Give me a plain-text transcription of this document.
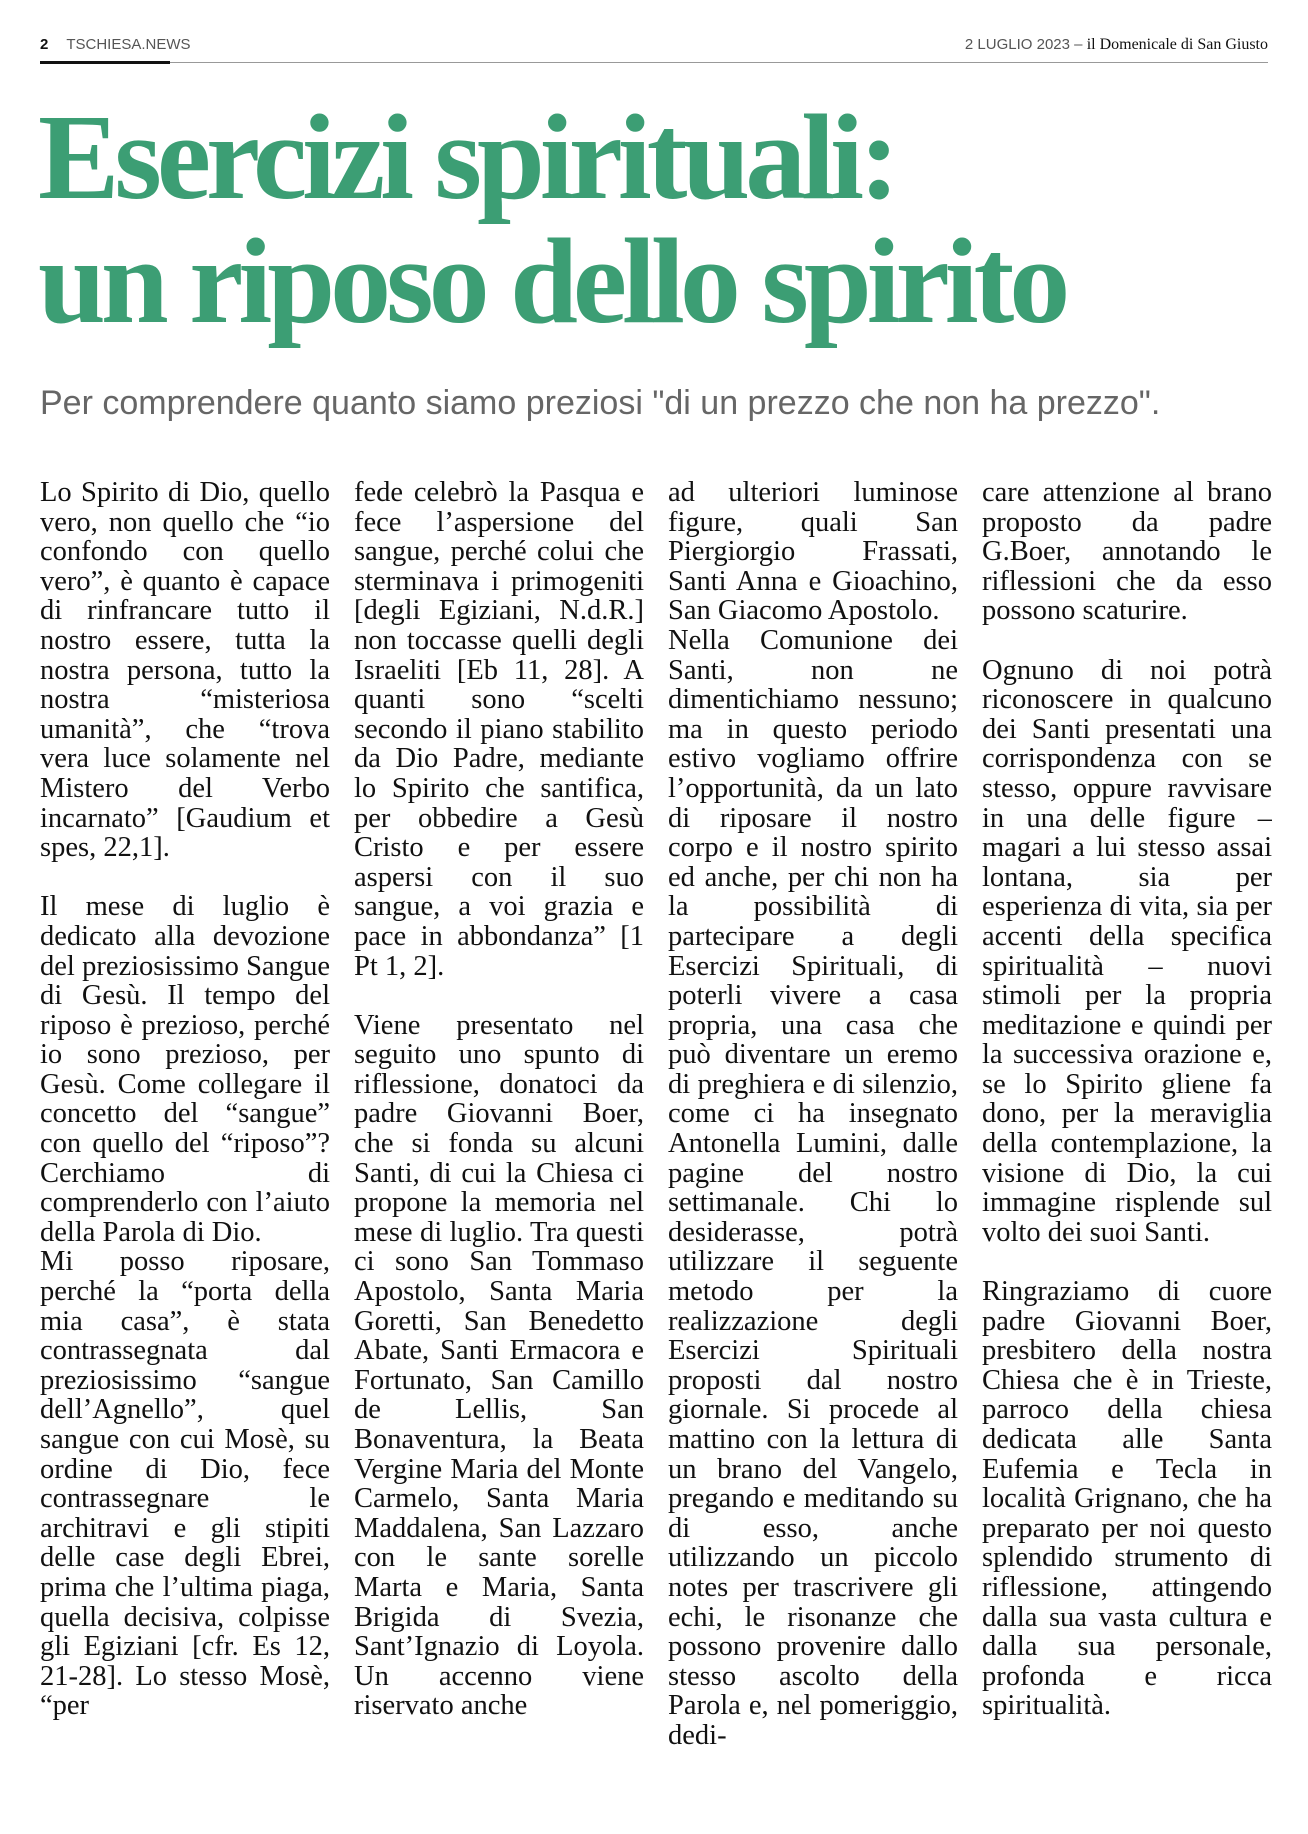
2 TSCHIESA.NEWS	2 LUGLIO 2023 – il Domenicale di San Giusto
Esercizi spirituali:
un riposo dello spirito

Per comprendere quanto siamo preziosi "di un prezzo che non ha prezzo".

Lo Spirito di Dio, quello vero, non quello che “io confondo con quello vero”, è quanto è capace di rinfrancare tutto il nostro essere, tutta la nostra persona, tutto la nostra “misteriosa umanità”, che “trova vera luce solamente nel Mistero del Verbo incarnato” [Gaudium et spes, 22,1].

Il mese di luglio è dedicato alla devozione del preziosissimo Sangue di Gesù. Il tempo del riposo è prezioso, perché io sono prezioso, per Gesù. Come collegare il concetto del “sangue” con quello del “riposo”? Cerchiamo di comprenderlo con l’aiuto della Parola di Dio.

Mi posso riposare, perché la “porta della mia casa”, è stata contrassegnata dal preziosissimo “sangue dell’Agnello”, quel sangue con cui Mosè, su ordine di Dio, fece contrassegnare le architravi e gli stipiti delle case degli Ebrei, prima che l’ultima piaga, quella decisiva, colpisse gli Egiziani [cfr. Es 12, 21-28]. Lo stesso Mosè, “per

fede celebrò la Pasqua e fece l’aspersione del sangue, perché colui che sterminava i primogeniti [degli Egiziani, N.d.R.] non toccasse quelli degli Israeliti [Eb 11, 28]. A quanti sono “scelti secondo il piano stabilito da Dio Padre, mediante lo Spirito che santifica, per obbedire a Gesù Cristo e per essere aspersi con il suo sangue, a voi grazia e pace in abbondanza” [1 Pt 1, 2].

Viene presentato nel seguito uno spunto di riflessione, donatoci da padre Giovanni Boer, che si fonda su alcuni Santi, di cui la Chiesa ci propone la memoria nel mese di luglio. Tra questi ci sono San Tommaso Apostolo, Santa Maria Goretti, San Benedetto Abate, Santi Ermacora e Fortunato, San Camillo de Lellis, San Bonaventura, la Beata Vergine Maria del Monte Carmelo, Santa Maria Maddalena, San Lazzaro con le sante sorelle Marta e Maria, Santa Brigida di Svezia, Sant’Ignazio di Loyola. Un accenno viene riservato anche

ad ulteriori luminose figure, quali San Piergiorgio Frassati, Santi Anna e Gioachino, San Giacomo Apostolo.

Nella Comunione dei Santi, non ne dimentichiamo nessuno; ma in questo periodo estivo vogliamo offrire l’opportunità, da un lato di riposare il nostro corpo e il nostro spirito ed anche, per chi non ha la possibilità di partecipare a degli Esercizi Spirituali, di poterli vivere a casa propria, una casa che può diventare un eremo di preghiera e di silenzio, come ci ha insegnato Antonella Lumini, dalle pagine del nostro settimanale. Chi lo desiderasse, potrà utilizzare il seguente metodo per la realizzazione degli Esercizi Spirituali proposti dal nostro giornale. Si procede al mattino con la lettura di un brano del Vangelo, pregando e meditando su di esso, anche utilizzando un piccolo notes per trascrivere gli echi, le risonanze che possono provenire dallo stesso ascolto della Parola e, nel pomeriggio, dedi-

care attenzione al brano proposto da padre G.Boer, annotando le riflessioni che da esso possono scaturire.

Ognuno di noi potrà riconoscere in qualcuno dei Santi presentati una corrispondenza con se stesso, oppure ravvisare in una delle figure – magari a lui stesso assai lontana, sia per esperienza di vita, sia per accenti della specifica spiritualità – nuovi stimoli per la propria meditazione e quindi per la successiva orazione e, se lo Spirito gliene fa dono, per la meraviglia della contemplazione, la visione di Dio, la cui immagine risplende sul volto dei suoi Santi.

Ringraziamo di cuore padre Giovanni Boer, presbitero della nostra Chiesa che è in Trieste, parroco della chiesa dedicata alle Santa Eufemia e Tecla in località Grignano, che ha preparato per noi questo splendido strumento di riflessione, attingendo dalla sua vasta cultura e dalla sua personale, profonda e ricca spiritualità.
